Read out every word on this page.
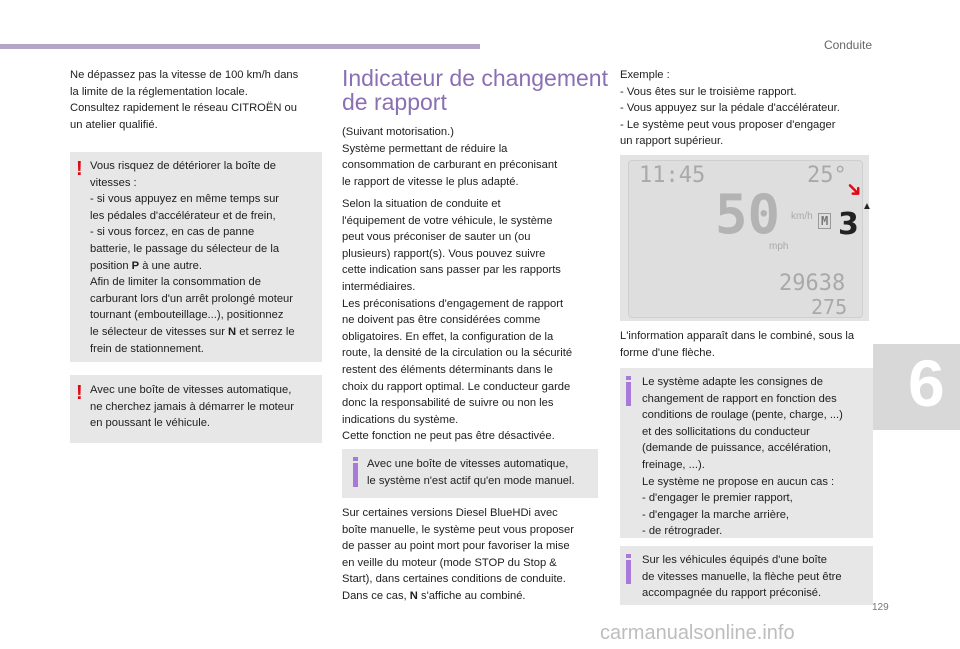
Conduite
Ne dépassez pas la vitesse de 100 km/h dans
la limite de la réglementation locale.
Consultez rapidement le réseau CITROËN ou
un atelier qualifié.
! Vous risquez de détériorer la boîte de
vitesses :
- si vous appuyez en même temps sur
les pédales d'accélérateur et de frein,
- si vous forcez, en cas de panne
batterie, le passage du sélecteur de la
position P à une autre.
Afin de limiter la consommation de
carburant lors d'un arrêt prolongé moteur
tournant (embouteillage...), positionnez
le sélecteur de vitesses sur N et serrez le
frein de stationnement.
! Avec une boîte de vitesses automatique,
ne cherchez jamais à démarrer le moteur
en poussant le véhicule.
Indicateur de changement
de rapport
(Suivant motorisation.)
Système permettant de réduire la
consommation de carburant en préconisant
le rapport de vitesse le plus adapté.
Selon la situation de conduite et
l'équipement de votre véhicule, le système
peut vous préconiser de sauter un (ou
plusieurs) rapport(s). Vous pouvez suivre
cette indication sans passer par les rapports
intermédiaires.
Les préconisations d'engagement de rapport
ne doivent pas être considérées comme
obligatoires. En effet, la configuration de la
route, la densité de la circulation ou la sécurité
restent des éléments déterminants dans le
choix du rapport optimal. Le conducteur garde
donc la responsabilité de suivre ou non les
indications du système.
Cette fonction ne peut pas être désactivée.
Avec une boîte de vitesses automatique,
le système n'est actif qu'en mode manuel.
Sur certaines versions Diesel BlueHDi avec
boîte manuelle, le système peut vous proposer
de passer au point mort pour favoriser la mise
en veille du moteur (mode STOP du Stop &
Start), dans certaines conditions de conduite.
Dans ce cas, N s'affiche au combiné.
Exemple :
- Vous êtes sur le troisième rapport.
- Vous appuyez sur la pédale d'accélérateur.
- Le système peut vous proposer d'engager
un rapport supérieur.
11:45	25°
50 km/h
mph
M
➜
3
▲
29638
275
L'information apparaît dans le combiné, sous la
forme d'une flèche.
Le système adapte les consignes de
changement de rapport en fonction des
conditions de roulage (pente, charge, ...)
et des sollicitations du conducteur
(demande de puissance, accélération,
freinage, ...).
Le système ne propose en aucun cas :
- d'engager le premier rapport,
- d'engager la marche arrière,
- de rétrograder.
Sur les véhicules équipés d'une boîte
de vitesses manuelle, la flèche peut être
accompagnée du rapport préconisé.
6
129
carmanualsonline.info
